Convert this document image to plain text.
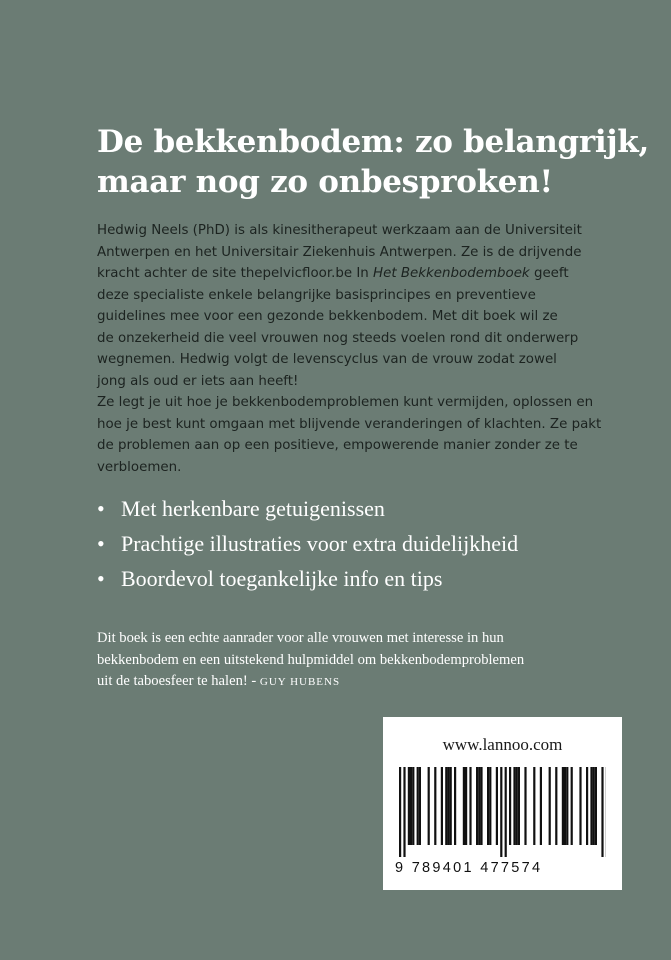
De bekkenbodem: zo belangrijk,
maar nog zo onbesproken!

Hedwig Neels (PhD) is als kinesitherapeut werkzaam aan de Universiteit
Antwerpen en het Universitair Ziekenhuis Antwerpen. Ze is de drijvende
kracht achter de site thepelvicfloor.be In Het Bekkenbodemboek geeft
deze specialiste enkele belangrijke basisprincipes en preventieve
guidelines mee voor een gezonde bekkenbodem. Met dit boek wil ze
de onzekerheid die veel vrouwen nog steeds voelen rond dit onderwerp
wegnemen. Hedwig volgt de levenscyclus van de vrouw zodat zowel
jong als oud er iets aan heeft!

Ze legt je uit hoe je bekkenbodemproblemen kunt vermijden, oplossen en
hoe je best kunt omgaan met blijvende veranderingen of klachten. Ze pakt
de problemen aan op een positieve, empowerende manier zonder ze te
verbloemen.

• Met herkenbare getuigenissen
• Prachtige illustraties voor extra duidelijkheid
• Boordevol toegankelijke info en tips

Dit boek is een echte aanrader voor alle vrouwen met interesse in hun
bekkenbodem en een uitstekend hulpmiddel om bekkenbodemproblemen
uit de taboesfeer te halen! - GUY HUBENS

www.lannoo.com
9 789401 477574
